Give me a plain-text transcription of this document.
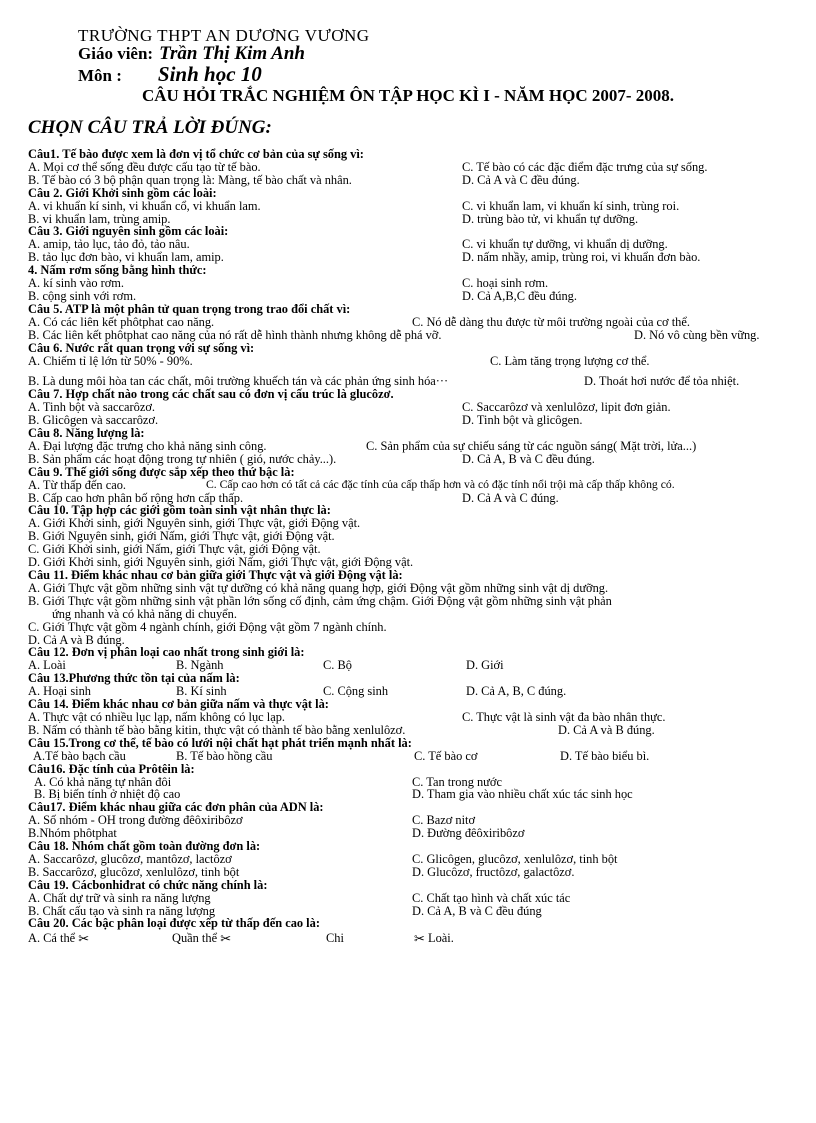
TRƯỜNG THPT AN DƯƠNG VƯƠNG
Giáo viên: Trần Thị Kim Anh
Môn : Sinh học 10
CÂU HỎI TRẮC NGHIỆM ÔN TẬP HỌC KÌ I - NĂM HỌC 2007- 2008.
CHỌN CÂU TRẢ LỜI ĐÚNG:
Câu1. Tế bào được xem là đơn vị tổ chức cơ bản của sự sống vì:
A. Mọi cơ thể sống đều được cấu tạo từ tế bào.	C. Tế bào có các đặc điểm đặc trưng của sự sống.
B. Tế bào có 3 bộ phận quan trọng là: Màng, tế bào chất và nhân.	D. Cả A và C đều đúng.
Câu 2. Giới Khởi sinh gồm các loài:
A. vi khuẩn kí sinh, vi khuẩn cổ, vi khuẩn lam.	C. vi khuẩn lam, vi khuẩn kí sinh, trùng roi.
B. vi khuẩn lam, trùng amip.	D. trùng bào tử, vi khuẩn tự dưỡng.
Câu 3. Giới nguyên sinh gồm các loài:
A. amip, tảo lục, tảo đỏ, tảo nâu.	C. vi khuẩn tự dưỡng, vi khuẩn dị dưỡng.
B. tảo lục đơn bào, vi khuẩn lam, amip.	D. nấm nhầy, amip, trùng roi, vi khuẩn đơn bào.
4. Nấm rơm sống bằng hình thức:
A. kí sinh vào rơm.	C. hoại sinh rơm.
B. cộng sinh với rơm.	D. Cả A,B,C đều đúng.
Câu 5. ATP là một phân tử quan trọng trong trao đổi chất vì:
A. Có các liên kết phôtphat cao năng.	C. Nó dễ dàng thu được từ môi trường ngoài của cơ thể.
B. Các liên kết phôtphat cao năng của nó rất dễ hình thành nhưng không dễ phá vỡ.	D. Nó vô cùng bền vững.
Câu 6. Nước rất quan trọng với sự sống vì:
A. Chiếm tỉ lệ lớn từ 50% - 90%.	C. Làm tăng trọng lượng cơ thể.
B. Là dung môi hòa tan các chất, môi trường khuếch tán và các phản ứng sinh hóa···	D. Thoát hơi nước để tỏa nhiệt.
Câu 7. Hợp chất nào trong các chất sau có đơn vị cấu trúc là glucôzơ.
A. Tinh bột và saccarôzơ.	C. Saccarôzơ và xenlulôzơ, lipit đơn giản.
B. Glicôgen và saccarôzơ.	D. Tinh bột và glicôgen.
Câu 8. Năng lượng là:
A. Đại lượng đặc trưng cho khả năng sinh công.	C. Sản phẩm của sự chiếu sáng từ các nguồn sáng( Mặt trời, lửa...)
B. Sản phẩm các hoạt động trong tự nhiên ( gió, nước chảy...).	D. Cả A, B và C đều đúng.
Câu 9. Thế giới sống được sắp xếp theo thứ bậc là:
A. Từ thấp đến cao.	C. Cấp cao hơn có tất cả các đặc tính của cấp thấp hơn và có đặc tính nổi trội mà cấp thấp không có.
B. Cấp cao hơn phân bố rộng hơn cấp thấp.	D. Cả A và C đúng.
Câu 10. Tập hợp các giới gồm toàn sinh vật nhân thực là:
A. Giới Khởi sinh, giới Nguyên sinh, giới Thực vật, giới Động vật.
B. Giới Nguyên sinh, giới Nấm, giới Thực vật, giới Động vật.
C. Giới Khởi sinh, giới Nấm, giới Thực vật, giới Động vật.
D. Giới Khởi sinh, giới Nguyên sinh, giới Nấm, giới Thực vật, giới Động vật.
Câu 11. Điểm khác nhau cơ bản giữa giới Thực vật và giới Động vật là:
A. Giới Thực vật gồm những sinh vật tự dưỡng có khả năng quang hợp, giới Động vật gồm những sinh vật dị dưỡng.
B. Giới Thực vật gồm những sinh vật phần lớn sống cố định, cảm ứng chậm. Giới Động vật gồm những sinh vật phản
ứng nhanh và có khả năng di chuyển.
C. Giới Thực vật gồm 4 ngành chính, giới Động vật gồm 7 ngành chính.
D. Cả A và B đúng.
Câu 12. Đơn vị phân loại cao nhất trong sinh giới là:
A. Loài	B. Ngành	C. Bộ	D. Giới
Câu 13.Phương thức tồn tại của nấm là:
A. Hoại sinh	B. Kí sinh	C. Cộng sinh	D. Cả A, B, C đúng.
Câu 14. Điểm khác nhau cơ bản giữa nấm và thực vật là:
A. Thực vật có nhiều lục lạp, nấm không có lục lạp.	C. Thực vật là sinh vật đa bào nhân thực.
B. Nấm có thành tế bào bằng kitin, thực vật có thành tế bào bằng xenlulôzơ.	D. Cả A và B đúng.
Câu 15.Trong cơ thể, tế bào có lưới nội chất hạt phát triển mạnh nhất là:
A.Tế bào bạch cầu	B. Tế bào hồng cầu	C. Tế bào cơ	D. Tế bào biểu bì.
Câu16. Đặc tính của Prôtêin là:
A. Có khả năng tự nhân đôi	C. Tan trong nước
B. Bị biến tính ở nhiệt độ cao	D. Tham gia vào nhiều chất xúc tác sinh học
Câu17. Điểm khác nhau giữa các đơn phân của ADN là:
A. Số nhóm - OH trong đường đêôxiribôzơ	C. Bazơ nitơ
B.Nhóm phôtphat	D. Đường đêôxiribôzơ
Câu 18. Nhóm chất gồm toàn đường đơn là:
A. Saccarôzơ, glucôzơ, mantôzơ, lactôzơ	C. Glicôgen, glucôzơ, xenlulôzơ, tinh bột
B. Saccarôzơ, glucôzơ, xenlulôzơ, tinh bột	D. Glucôzơ, fructôzơ, galactôzơ.
Câu 19. Cácbonhiđrat có chức năng chính là:
A. Chất dự trữ và sinh ra năng lượng	C. Chất tạo hình và chất xúc tác
B. Chất cấu tạo và sinh ra năng lượng	D. Cả A, B và C đều đúng
Câu 20. Các bậc phân loại được xếp từ thấp đến cao là:
A. Cá thể ✂	Quần thể ✂	Chi	✂ Loài.
